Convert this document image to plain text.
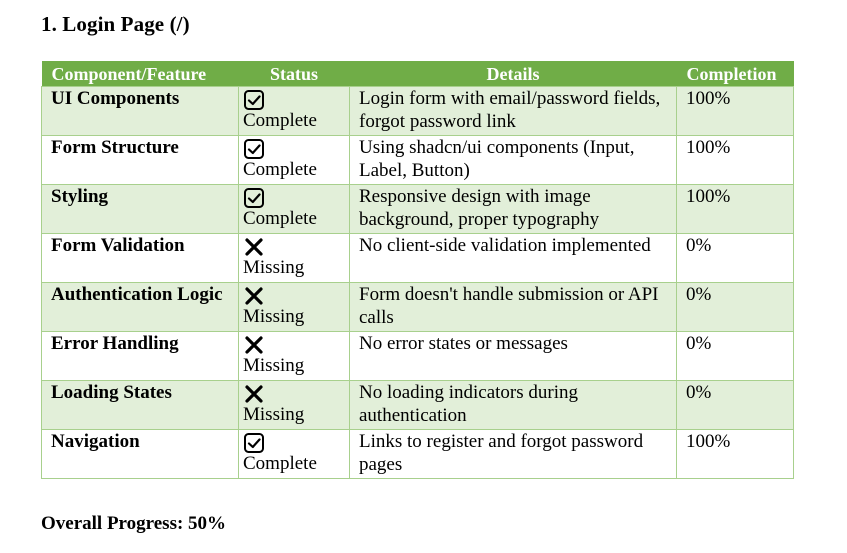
1. Login Page (/)
Component/Feature	Status	Details	Completion
UI Components	Complete	Login form with email/password fields, forgot password link	100%
Form Structure	Complete	Using shadcn/ui components (Input, Label, Button)	100%
Styling	Complete	Responsive design with image background, proper typography	100%
Form Validation	Missing	No client-side validation implemented	0%
Authentication Logic	Missing	Form doesn't handle submission or API calls	0%
Error Handling	Missing	No error states or messages	0%
Loading States	Missing	No loading indicators during authentication	0%
Navigation	Complete	Links to register and forgot password pages	100%

Overall Progress: 50%
